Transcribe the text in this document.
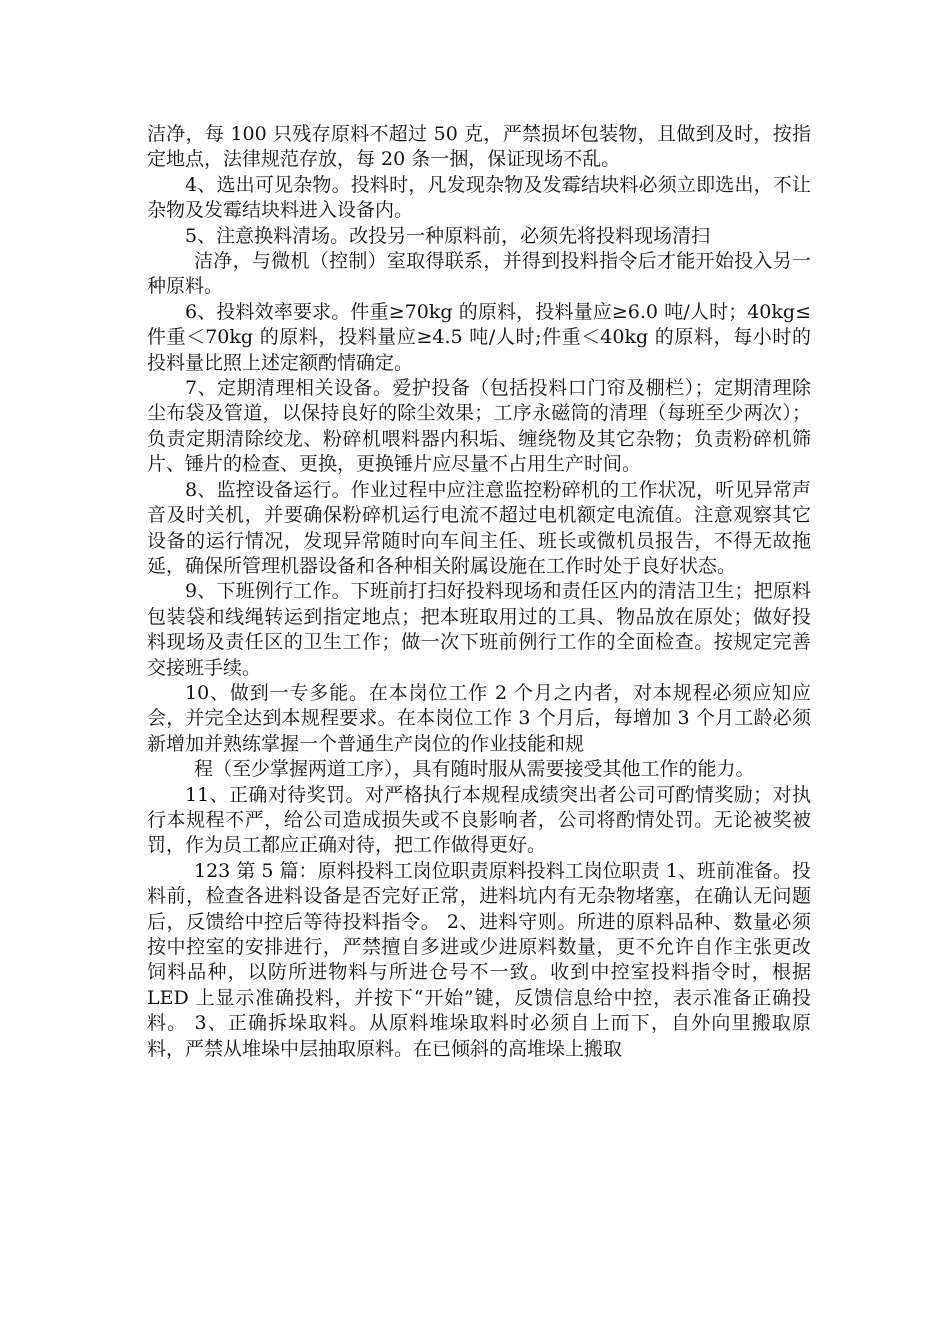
洁净，每 100 只残存原料不超过 50 克，严禁损坏包装物，且做到及时，按指定地点，法律规范存放，每 20 条一捆，保证现场不乱。

4、选出可见杂物。投料时，凡发现杂物及发霉结块料必须立即选出，不让杂物及发霉结块料进入设备内。

5、注意换料清场。改投另一种原料前，必须先将投料现场清扫

洁净，与微机（控制）室取得联系，并得到投料指令后才能开始投入另一种原料。

6、投料效率要求。件重≥70kg 的原料，投料量应≥6.0 吨/人时；40kg≤件重＜70kg 的原料，投料量应≥4.5 吨/人时;件重＜40kg 的原料，每小时的投料量比照上述定额酌情确定。

7、定期清理相关设备。爱护投备（包括投料口门帘及棚栏）；定期清理除尘布袋及管道，以保持良好的除尘效果；工序永磁筒的清理（每班至少两次）；负责定期清除绞龙、粉碎机喂料器内积垢、缠绕物及其它杂物；负责粉碎机筛片、锤片的检查、更换，更换锤片应尽量不占用生产时间。

8、监控设备运行。作业过程中应注意监控粉碎机的工作状况，听见异常声音及时关机，并要确保粉碎机运行电流不超过电机额定电流值。注意观察其它设备的运行情况，发现异常随时向车间主任、班长或微机员报告，不得无故拖延，确保所管理机器设备和各种相关附属设施在工作时处于良好状态。

9、下班例行工作。下班前打扫好投料现场和责任区内的清洁卫生；把原料包装袋和线绳转运到指定地点；把本班取用过的工具、物品放在原处；做好投料现场及责任区的卫生工作；做一次下班前例行工作的全面检查。按规定完善交接班手续。

10、做到一专多能。在本岗位工作 2 个月之内者，对本规程必须应知应会，并完全达到本规程要求。在本岗位工作 3 个月后，每增加 3 个月工龄必须新增加并熟练掌握一个普通生产岗位的作业技能和规

程（至少掌握两道工序），具有随时服从需要接受其他工作的能力。

11、正确对待奖罚。对严格执行本规程成绩突出者公司可酌情奖励；对执行本规程不严，给公司造成损失或不良影响者，公司将酌情处罚。无论被奖被罚，作为员工都应正确对待，把工作做得更好。

123 第 5 篇：原料投料工岗位职责原料投料工岗位职责 1、班前准备。投料前，检查各进料设备是否完好正常，进料坑内有无杂物堵塞，在确认无问题后，反馈给中控后等待投料指令。 2、进料守则。所进的原料品种、数量必须按中控室的安排进行，严禁擅自多进或少进原料数量，更不允许自作主张更改饲料品种，以防所进物料与所进仓号不一致。收到中控室投料指令时，根据 LED 上显示准确投料，并按下“开始”键，反馈信息给中控，表示准备正确投料。 3、正确拆垛取料。从原料堆垛取料时必须自上而下，自外向里搬取原料，严禁从堆垛中层抽取原料。在已倾斜的高堆垛上搬取
